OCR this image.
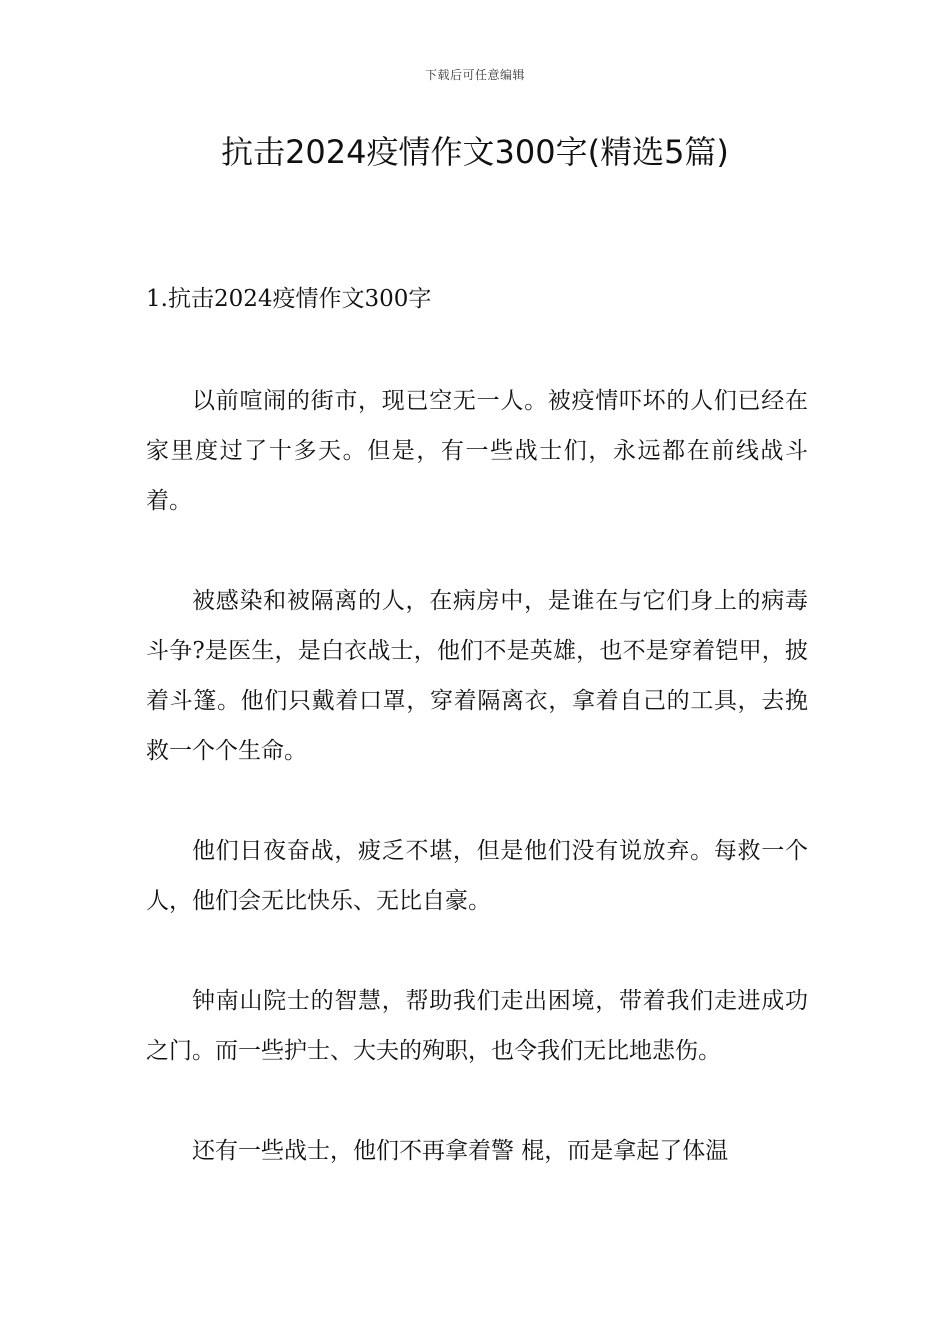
下载后可任意编辑
抗击2024疫情作文300字(精选5篇)
1.抗击2024疫情作文300字

以前喧闹的街市，现已空无一人。被疫情吓坏的人们已经在家里度过了十多天。但是，有一些战士们，永远都在前线战斗着。

被感染和被隔离的人，在病房中，是谁在与它们身上的病毒斗争?是医生，是白衣战士，他们不是英雄，也不是穿着铠甲，披着斗篷。他们只戴着口罩，穿着隔离衣，拿着自己的工具，去挽救一个个生命。

他们日夜奋战，疲乏不堪，但是他们没有说放弃。每救一个人，他们会无比快乐、无比自豪。

钟南山院士的智慧，帮助我们走出困境，带着我们走进成功之门。而一些护士、大夫的殉职，也令我们无比地悲伤。

还有一些战士，他们不再拿着警 棍，而是拿起了体温
